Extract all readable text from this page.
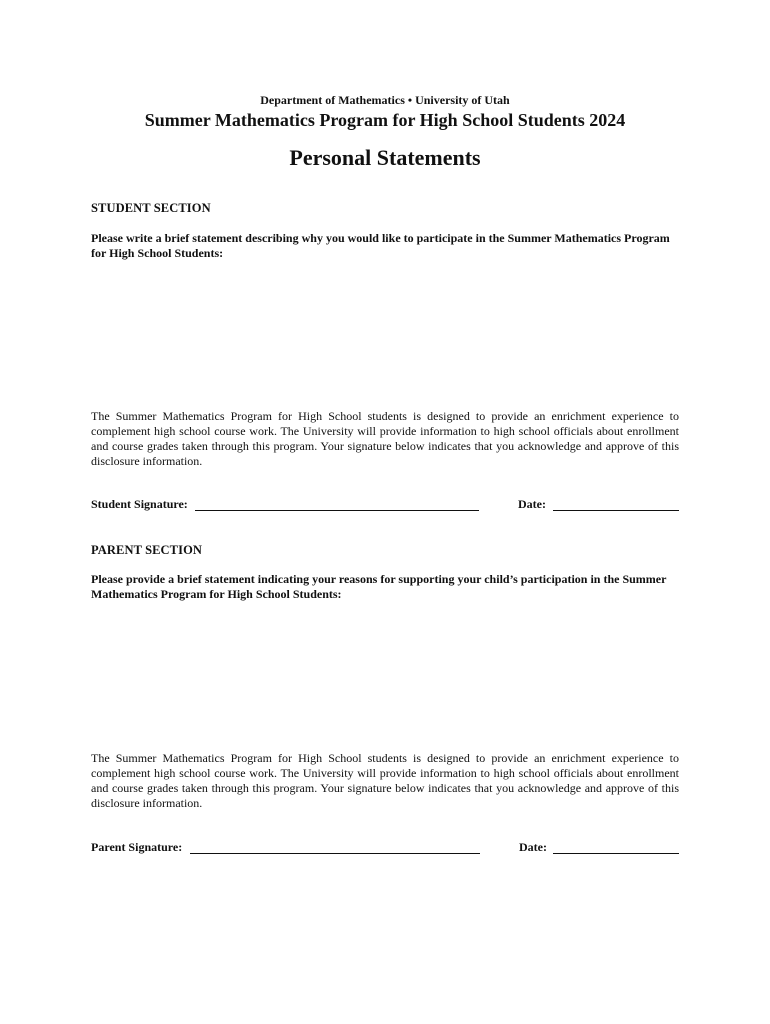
Department of Mathematics • University of Utah
Summer Mathematics Program for High School Students 2024
Personal Statements
STUDENT SECTION
Please write a brief statement describing why you would like to participate in the Summer Mathematics Program for High School Students:
The Summer Mathematics Program for High School students is designed to provide an enrichment experience to complement high school course work. The University will provide information to high school officials about enrollment and course grades taken through this program. Your signature below indicates that you acknowledge and approve of this disclosure information.
Student Signature:	Date:
PARENT SECTION
Please provide a brief statement indicating your reasons for supporting your child’s participation in the Summer Mathematics Program for High School Students:
The Summer Mathematics Program for High School students is designed to provide an enrichment experience to complement high school course work. The University will provide information to high school officials about enrollment and course grades taken through this program. Your signature below indicates that you acknowledge and approve of this disclosure information.
Parent Signature:	Date:
